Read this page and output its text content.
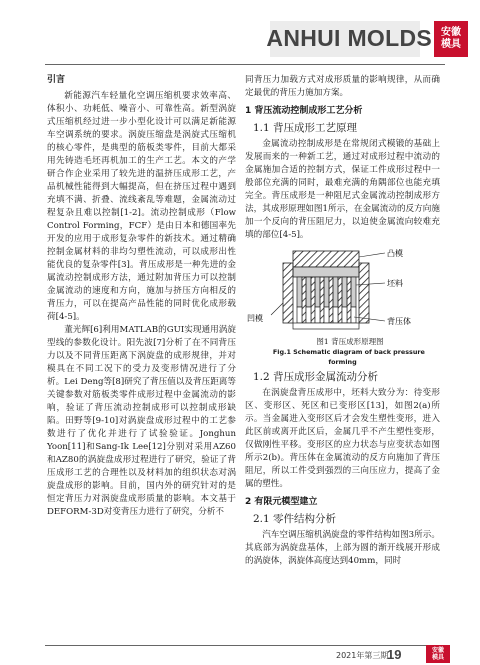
ANHUI MOLDS 安徽
模具

引言

新能源汽车轻量化空调压缩机要求效率高、体积小、功耗低、噪音小、可靠性高。新型涡旋式压缩机经过进一步小型化设计可以满足新能源车空调系统的要求。涡旋压缩盘是涡旋式压缩机的核心零件，是典型的筋板类零件，目前大都采用先铸造毛坯再机加工的生产工艺。本文的产学研合作企业采用了较先进的温挤压成形工艺，产品机械性能得到大幅提高，但在挤压过程中遇到充填不满、折叠、流线紊乱等难题，金属流动过程复杂且难以控制[1-2]。流动控制成形（Flow Control Forming，FCF）是由日本和德国率先开发的应用于成形复杂零件的新技术。通过精确控制金属材料的非均匀塑性流动，可以成形出性能优良的复杂零件[3]。背压成形是一种先进的金属流动控制成形方法，通过附加背压力可以控制金属流动的速度和方向，施加与挤压方向相反的背压力，可以在提高产品性能的同时优化成形载荷[4-5]。

董光辉[6]利用MATLAB的GUI实现通用涡旋型线的参数化设计。阳先波[7]分析了在不同背压力以及不同背压距离下涡旋盘的成形规律，并对模具在不同工况下的受力及变形情况进行了分析。Lei Deng等[8]研究了背压值以及背压距离等关键参数对筋板类零件成形过程中金属流动的影响，验证了背压流动控制成形可以控制成形缺陷。田野等[9-10]对涡旋盘成形过程中的工艺参数进行了优化并进行了试验验证。Jonghun Yoon[11]和Sang-Ik Lee[12]分别对采用AZ60和AZ80的涡旋盘成形过程进行了研究，验证了背压成形工艺的合理性以及材料加的组织状态对涡旋盘成形的影响。目前，国内外的研究针对的是恒定背压力对涡旋盘成形质量的影响。本文基于DEFORM-3D对变背压力进行了研究，分析不

同背压力加载方式对成形质量的影响规律，从而确定最优的背压力施加方案。

1 背压流动控制成形工艺分析

1.1 背压成形工艺原理

金属流动控制成形是在常规闭式模锻的基础上发展而来的一种新工艺，通过对成形过程中流动的金属施加合适的控制方式，保证工件成形过程中一般部位充满的同时，最难充满的角隅部位也能充填完全。背压成形是一种阻尼式金属流动控制成形方法，其成形原理如图1所示，在金属流动的反方向施加一个反向的背压阻尼力，以迫使金属流向较难充填的部位[4-5]。

凸模
坯料
凹模	背压体

图1 背压成形原理图

Fig.1 Schematic diagram of back pressure forming

1.2 背压成形金属流动分析

在涡旋盘背压成形中，坯料大致分为：待变形区、变形区、死区和已变形区[13]，如图2(a)所示。当金属进入变形区后才会发生塑性变形，进入此区前或离开此区后，金属几乎不产生塑性变形，仅做刚性平移。变形区的应力状态与应变状态如图所示2(b)。背压体在金属流动的反方向施加了背压阻尼，所以工件受到强烈的三向压应力，提高了金属的塑性。

2 有限元模型建立

2.1 零件结构分析

汽车空调压缩机涡旋盘的零件结构如图3所示。其底部为涡旋盘基体，上部为圆的渐开线展开形成的涡旋体，涡旋体高度达到40mm，同时

2021年第三期
19	安徽
模具
